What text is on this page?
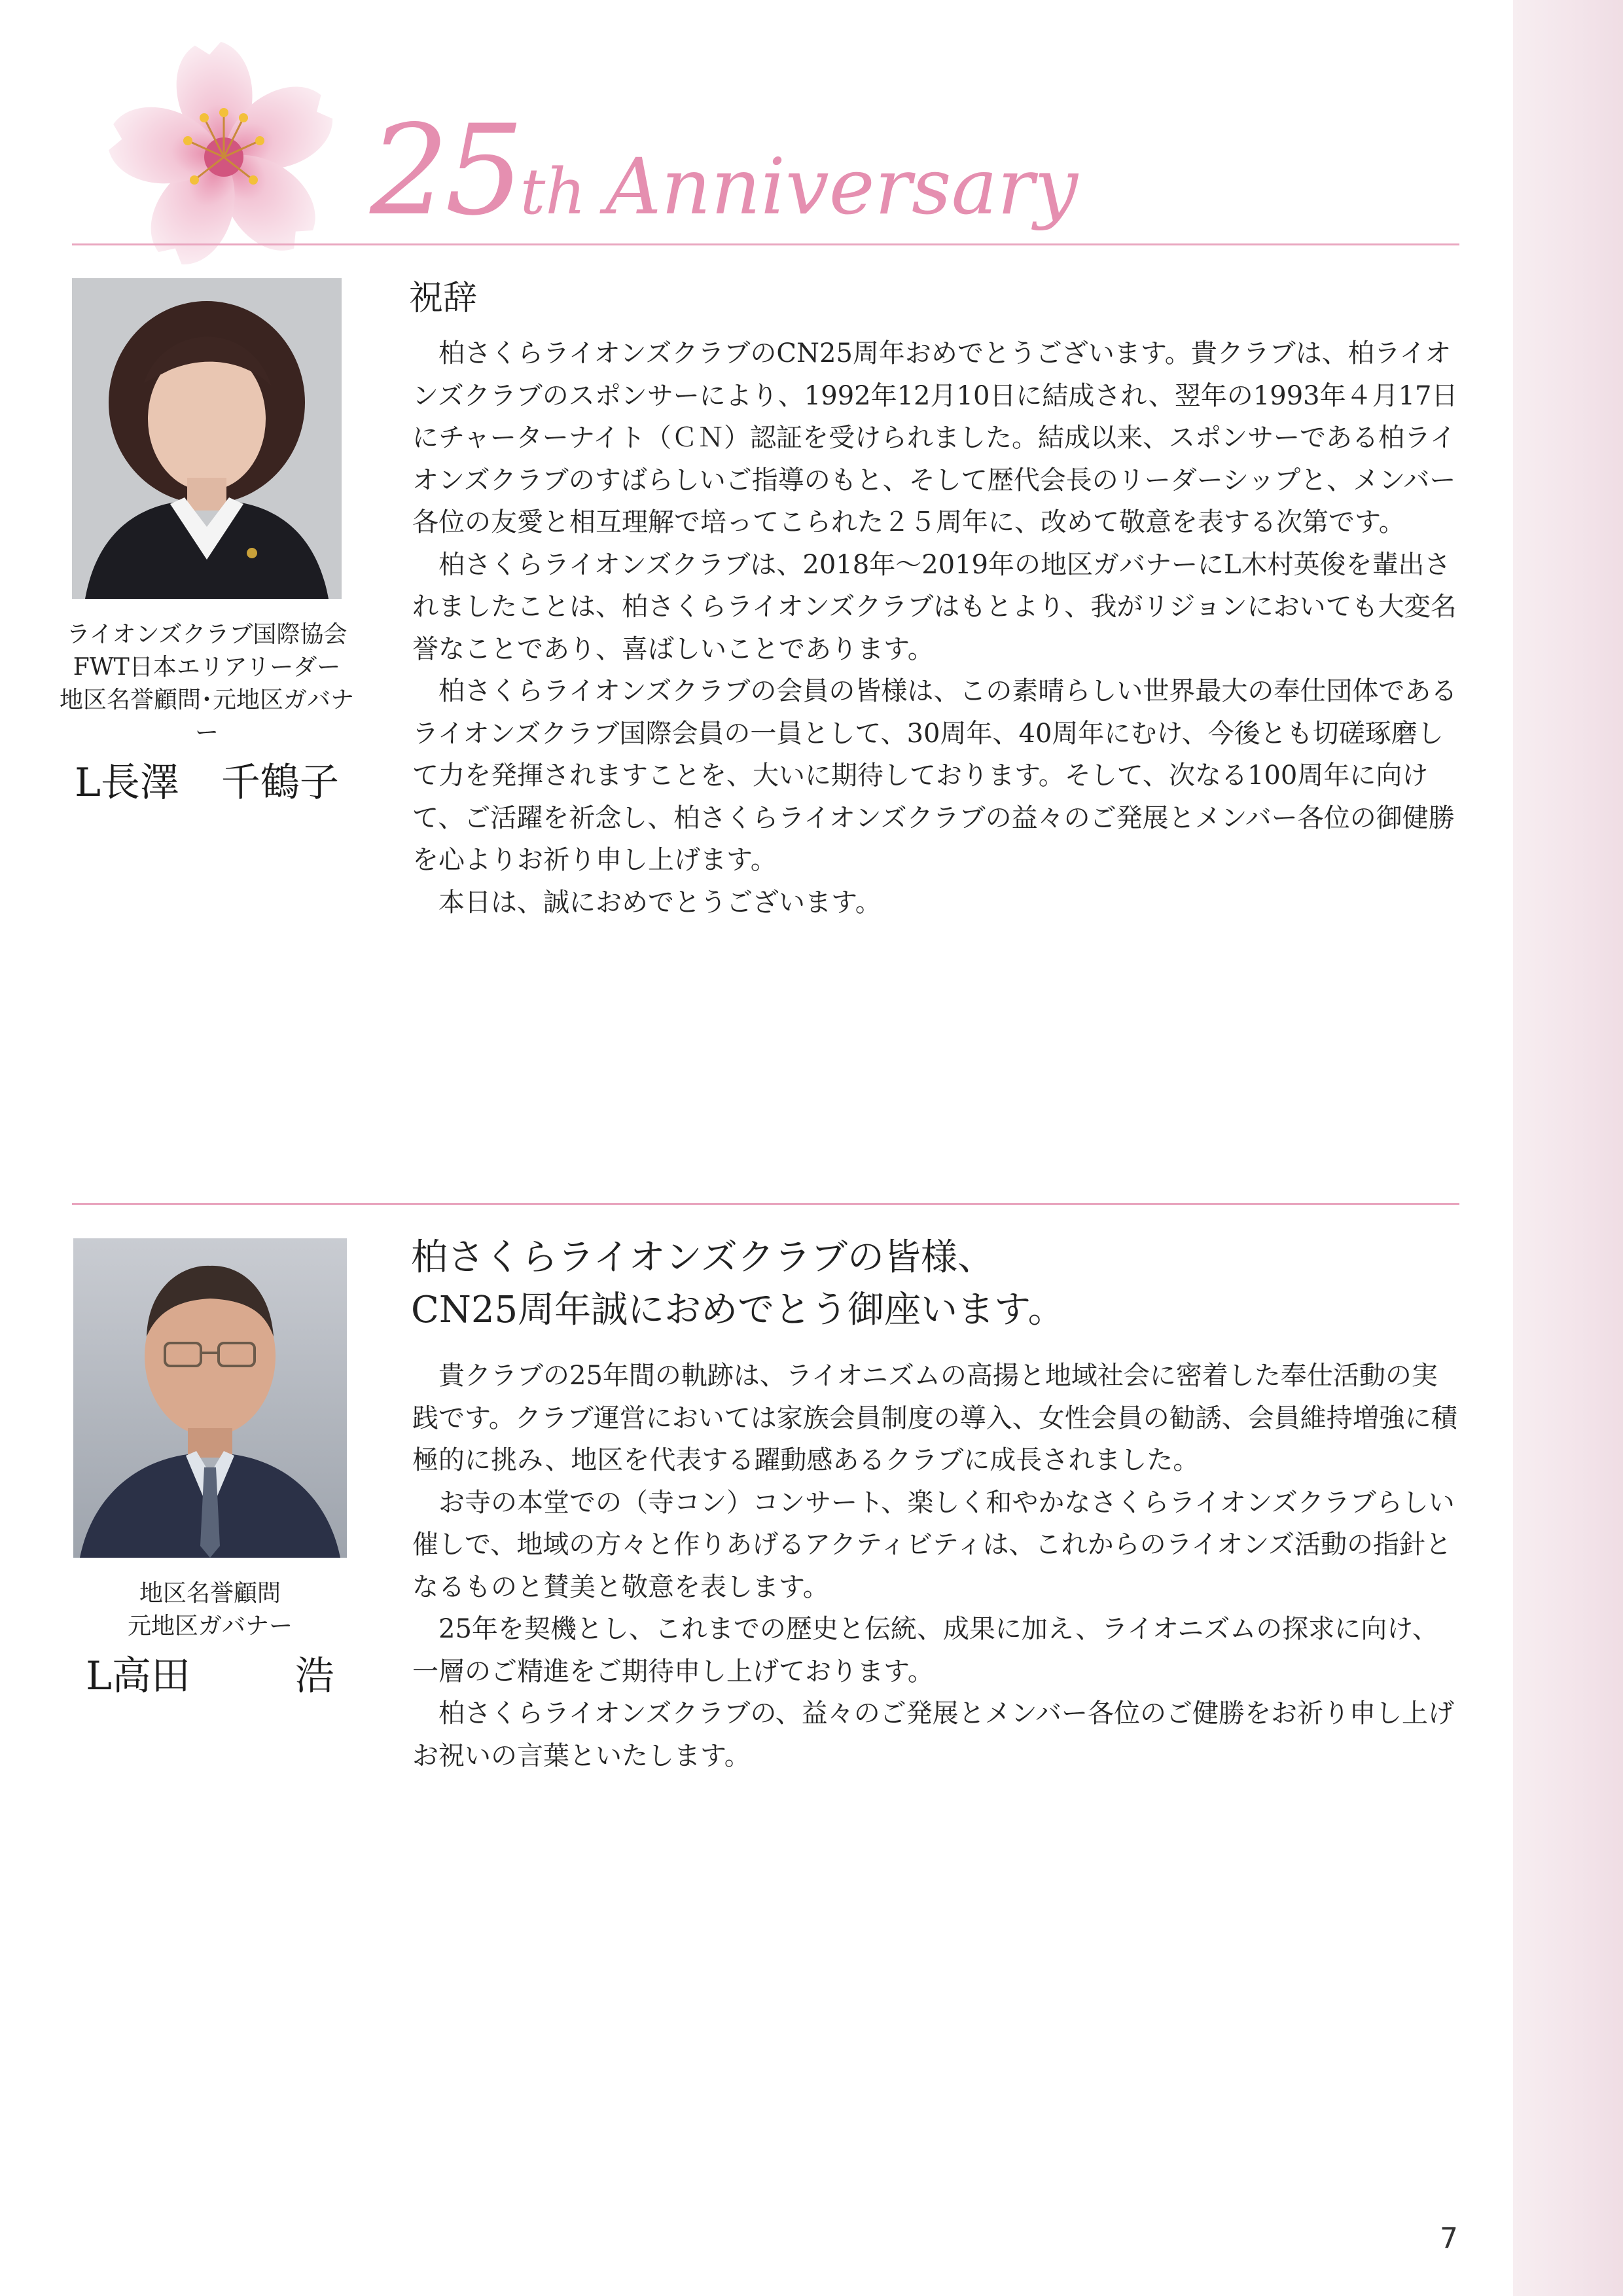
25th Anniversary
ライオンズクラブ国際協会
FWT日本エリアリーダー
地区名誉顧問･元地区ガバナー
L長澤 千鶴子
祝辞

柏さくらライオンズクラブのCN25周年おめでとうございます。貴クラブは、柏ライオンズクラブのスポンサーにより、1992年12月10日に結成され、翌年の1993年４月17日にチャーターナイト（ＣＮ）認証を受けられました。結成以来、スポンサーである柏ライオンズクラブのすばらしいご指導のもと、そして歴代会長のリーダーシップと、メンバー各位の友愛と相互理解で培ってこられた２５周年に、改めて敬意を表する次第です。

柏さくらライオンズクラブは、2018年～2019年の地区ガバナーにL木村英俊を輩出されましたことは、柏さくらライオンズクラブはもとより、我がリジョンにおいても大変名誉なことであり、喜ばしいことであります。

柏さくらライオンズクラブの会員の皆様は、この素晴らしい世界最大の奉仕団体であるライオンズクラブ国際会員の一員として、30周年、40周年にむけ、今後とも切磋琢磨して力を発揮されますことを、大いに期待しております。そして、次なる100周年に向けて、ご活躍を祈念し、柏さくらライオンズクラブの益々のご発展とメンバー各位の御健勝を心よりお祈り申し上げます。

本日は、誠におめでとうございます。

地区名誉顧問
元地区ガバナー
L高田	浩
柏さくらライオンズクラブの皆様、
CN25周年誠におめでとう御座います。

貴クラブの25年間の軌跡は、ライオニズムの高揚と地域社会に密着した奉仕活動の実践です。クラブ運営においては家族会員制度の導入、女性会員の勧誘、会員維持増強に積極的に挑み、地区を代表する躍動感あるクラブに成長されました。

お寺の本堂での（寺コン）コンサート、楽しく和やかなさくらライオンズクラブらしい催しで、地域の方々と作りあげるアクティビティは、これからのライオンズ活動の指針となるものと賛美と敬意を表します。

25年を契機とし、これまでの歴史と伝統、成果に加え、ライオニズムの探求に向け、一層のご精進をご期待申し上げております。

柏さくらライオンズクラブの、益々のご発展とメンバー各位のご健勝をお祈り申し上げお祝いの言葉といたします。

7
